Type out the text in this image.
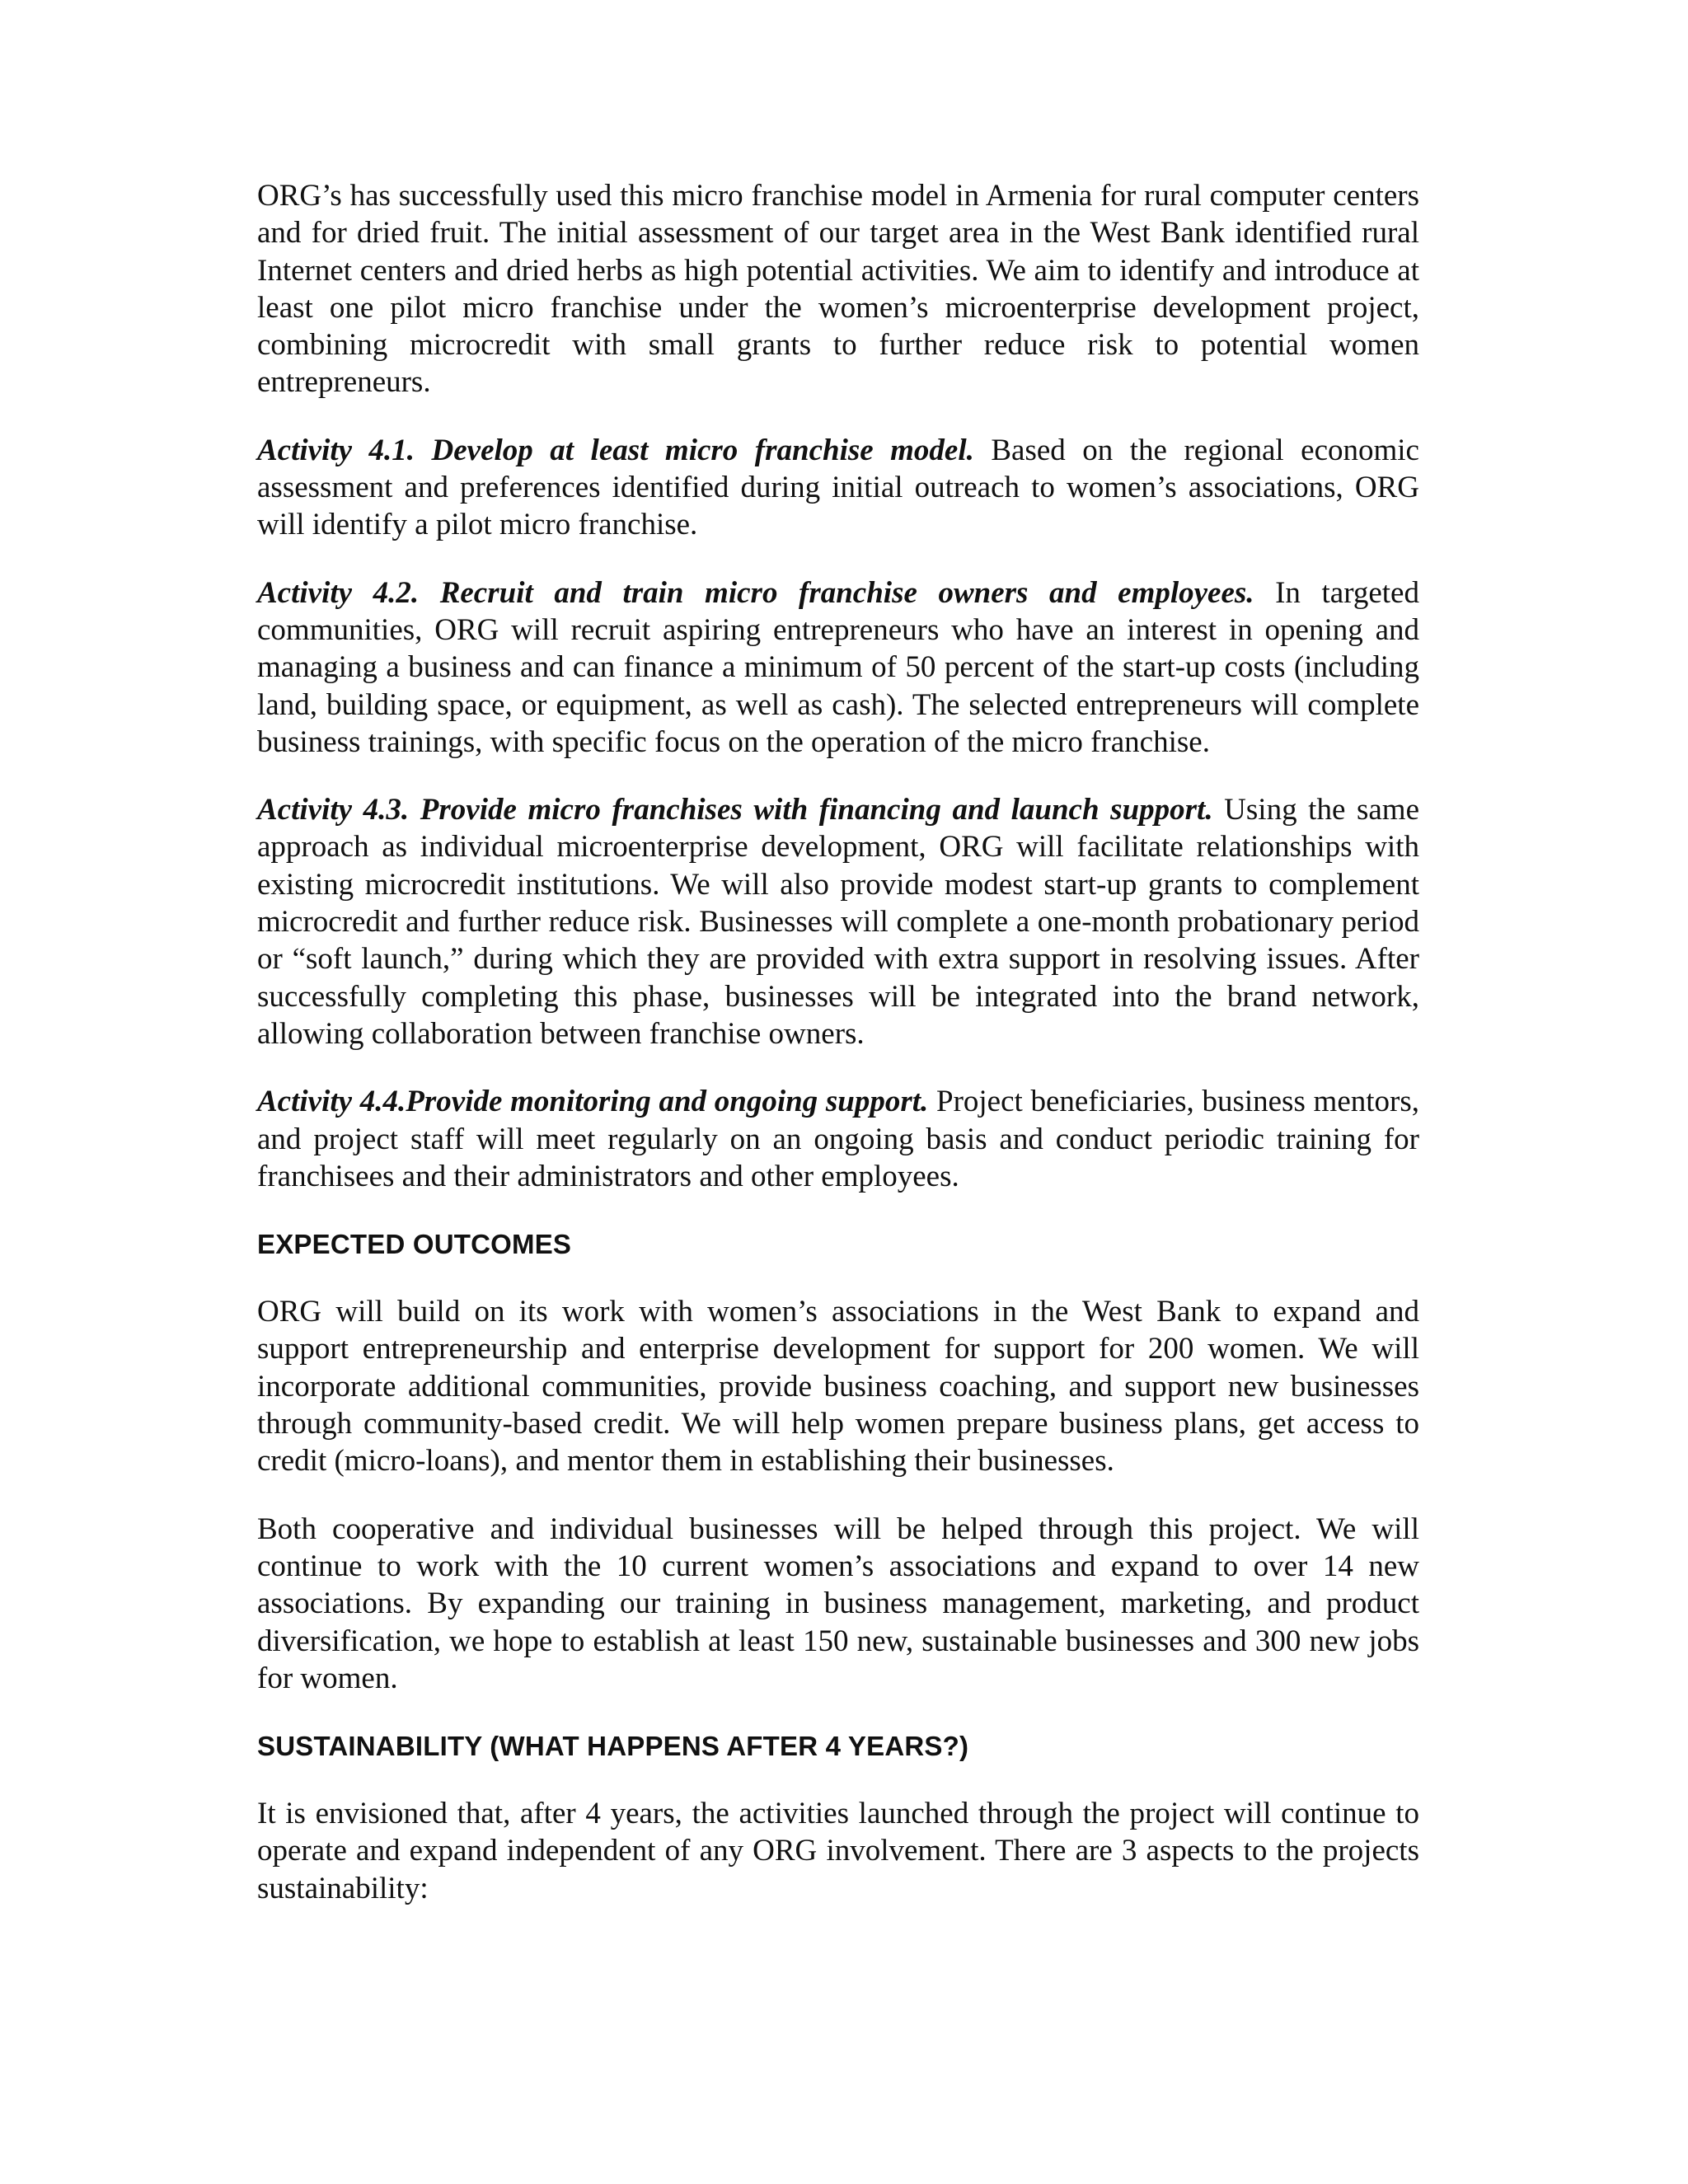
ORG’s has successfully used this micro franchise model in Armenia for rural computer centers and for dried fruit. The initial assessment of our target area in the West Bank identified rural Internet centers and dried herbs as high potential activities. We aim to identify and introduce at least one pilot micro franchise under the women’s microenterprise development project, combining microcredit with small grants to further reduce risk to potential women entrepreneurs.

Activity 4.1. Develop at least micro franchise model. Based on the regional economic assessment and preferences identified during initial outreach to women’s associations, ORG will identify a pilot micro franchise.

Activity 4.2. Recruit and train micro franchise owners and employees. In targeted communities, ORG will recruit aspiring entrepreneurs who have an interest in opening and managing a business and can finance a minimum of 50 percent of the start-up costs (including land, building space, or equipment, as well as cash). The selected entrepreneurs will complete business trainings, with specific focus on the operation of the micro franchise.

Activity 4.3. Provide micro franchises with financing and launch support. Using the same approach as individual microenterprise development, ORG will facilitate relationships with existing microcredit institutions. We will also provide modest start-up grants to complement microcredit and further reduce risk. Businesses will complete a one-month probationary period or “soft launch,” during which they are provided with extra support in resolving issues. After successfully completing this phase, businesses will be integrated into the brand network, allowing collaboration between franchise owners.

Activity 4.4.Provide monitoring and ongoing support. Project beneficiaries, business mentors, and project staff will meet regularly on an ongoing basis and conduct periodic training for franchisees and their administrators and other employees.

EXPECTED OUTCOMES

ORG will build on its work with women’s associations in the West Bank to expand and support entrepreneurship and enterprise development for support for 200 women. We will incorporate additional communities, provide business coaching, and support new businesses through community-based credit. We will help women prepare business plans, get access to credit (micro-loans), and mentor them in establishing their businesses.

Both cooperative and individual businesses will be helped through this project. We will continue to work with the 10 current women’s associations and expand to over 14 new associations. By expanding our training in business management, marketing, and product diversification, we hope to establish at least 150 new, sustainable businesses and 300 new jobs for women.

SUSTAINABILITY (WHAT HAPPENS AFTER 4 YEARS?)

It is envisioned that, after 4 years, the activities launched through the project will continue to operate and expand independent of any ORG involvement. There are 3 aspects to the projects sustainability:
